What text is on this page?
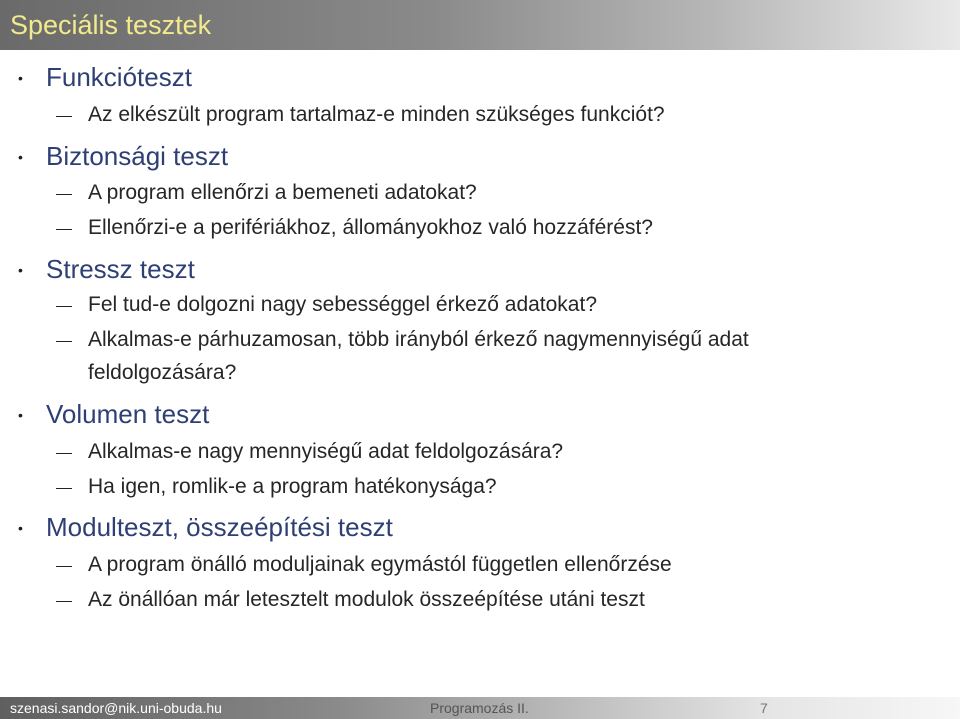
Speciális tesztek
• Funkcióteszt
Az elkészült program tartalmaz-e minden szükséges funkciót?
• Biztonsági teszt
A program ellenőrzi a bemeneti adatokat?
Ellenőrzi-e a perifériákhoz, állományokhoz való hozzáférést?
• Stressz teszt
Fel tud-e dolgozni nagy sebességgel érkező adatokat?
Alkalmas-e párhuzamosan, több irányból érkező nagymennyiségű adat
feldolgozására?
• Volumen teszt
Alkalmas-e nagy mennyiségű adat feldolgozására?
Ha igen, romlik-e a program hatékonysága?
• Modulteszt, összeépítési teszt
A program önálló moduljainak egymástól független ellenőrzése
Az önállóan már letesztelt modulok összeépítése utáni teszt
szenasi.sandor@nik.uni-obuda.hu	Programozás II.	7
